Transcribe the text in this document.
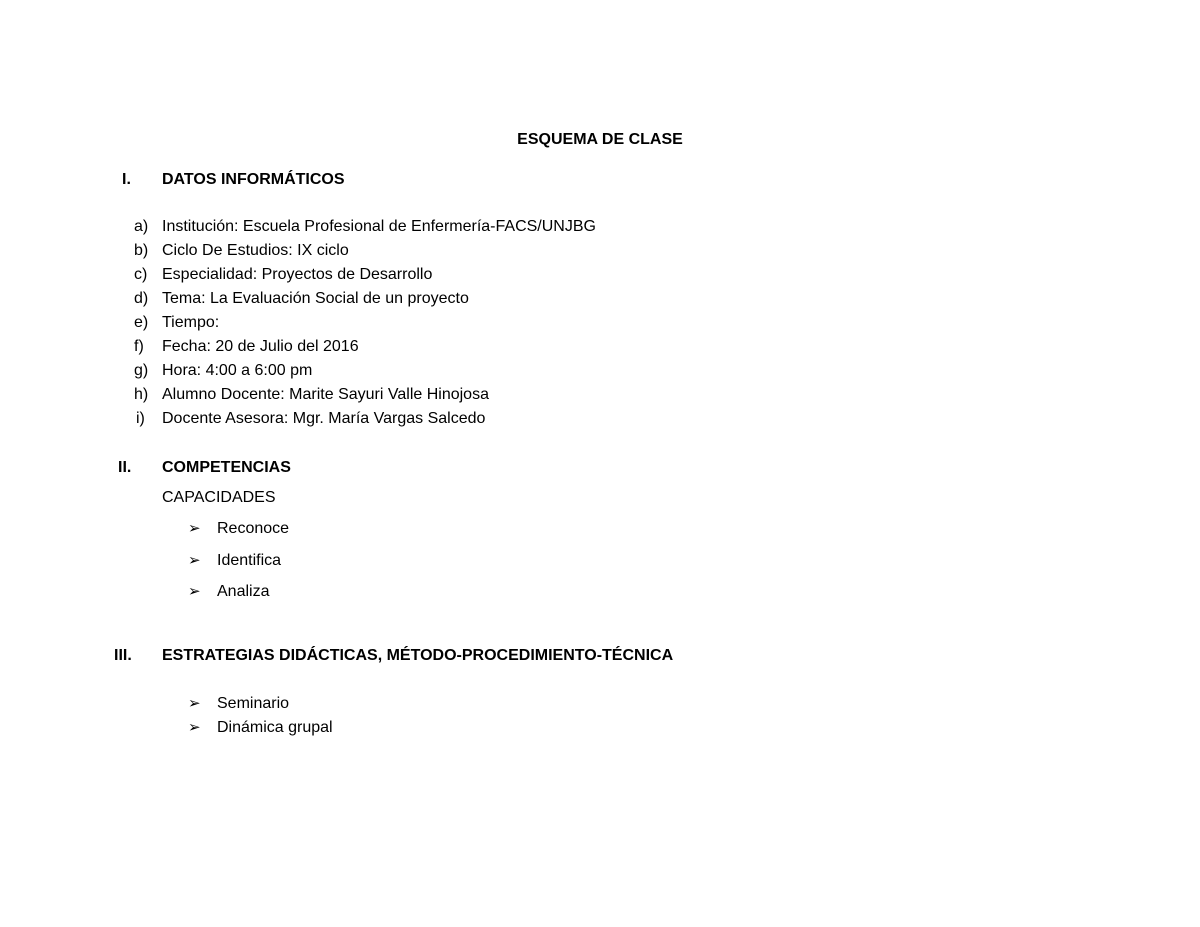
ESQUEMA DE CLASE
I. DATOS INFORMÁTICOS
a) Institución: Escuela Profesional de Enfermería-FACS/UNJBG
b) Ciclo De Estudios: IX ciclo
c) Especialidad: Proyectos de Desarrollo
d) Tema: La Evaluación Social de un proyecto
e) Tiempo:
f) Fecha: 20 de Julio del 2016
g) Hora: 4:00 a 6:00 pm
h) Alumno Docente: Marite Sayuri Valle Hinojosa
i) Docente Asesora: Mgr. María Vargas Salcedo
II. COMPETENCIAS
CAPACIDADES
➢ Reconoce
➢ Identifica
➢ Analiza
III. ESTRATEGIAS DIDÁCTICAS, MÉTODO-PROCEDIMIENTO-TÉCNICA
➢ Seminario
➢ Dinámica grupal
